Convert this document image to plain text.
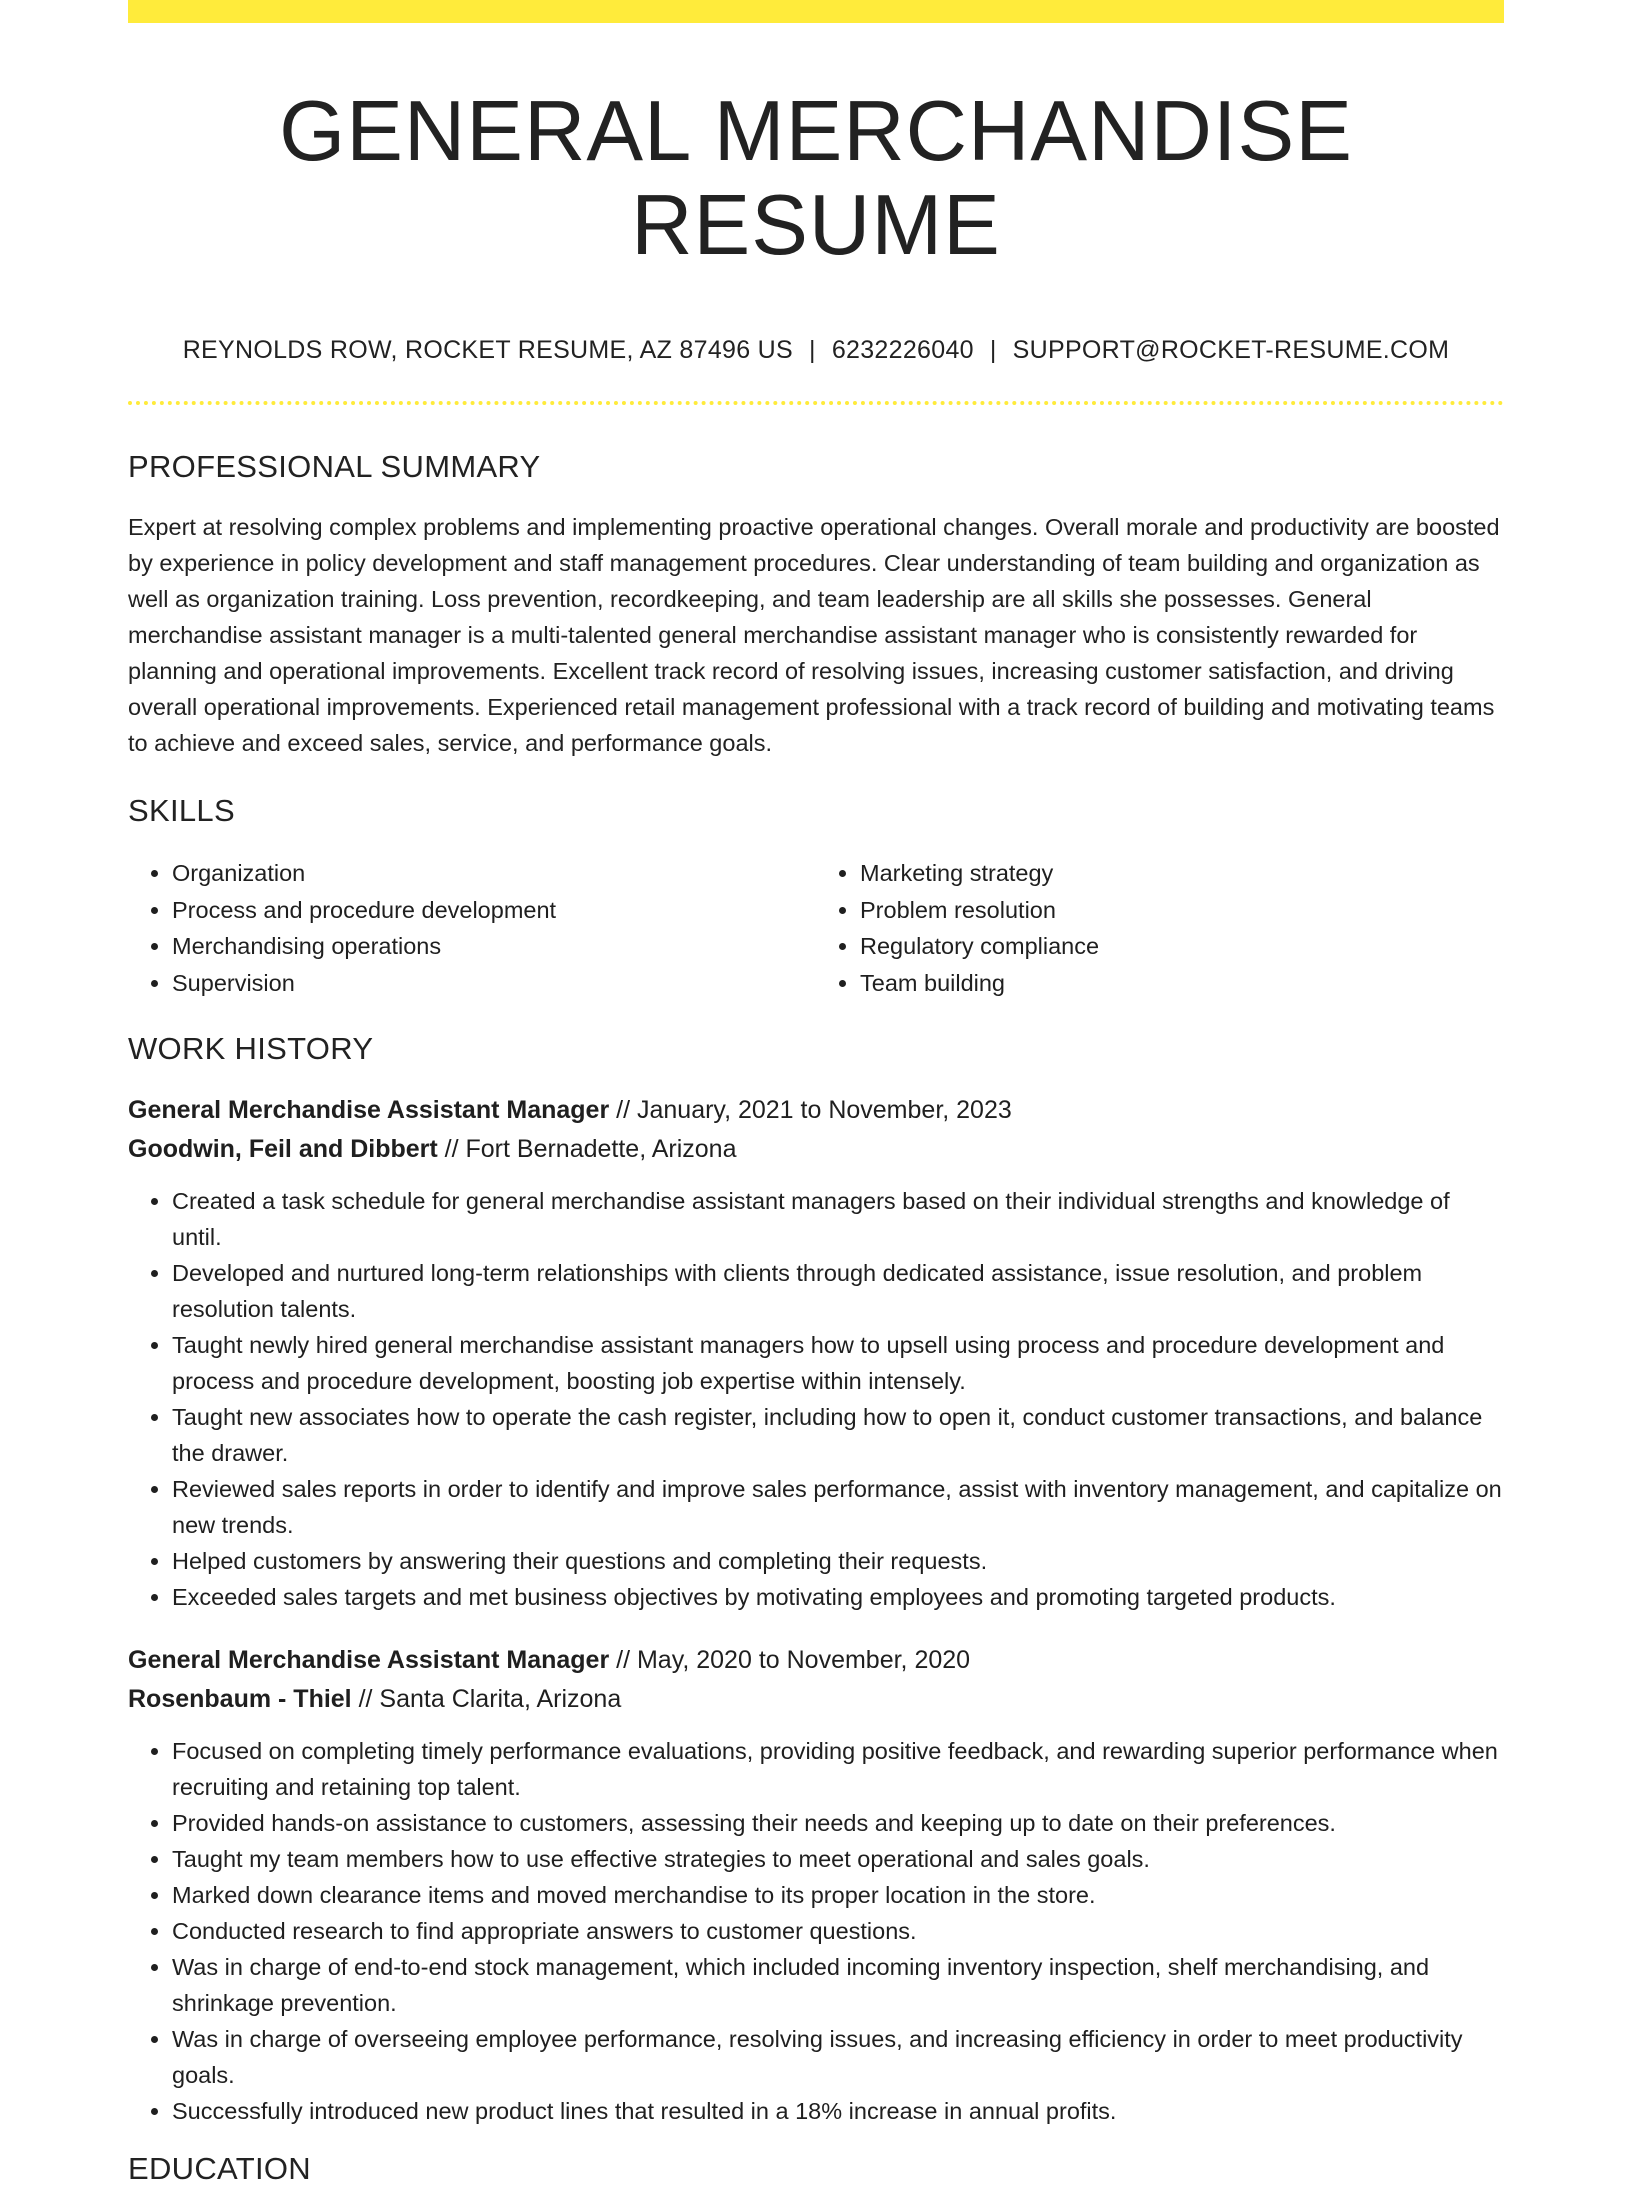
GENERAL MERCHANDISE RESUME
REYNOLDS ROW, ROCKET RESUME, AZ 87496 US | 6232226040 | SUPPORT@ROCKET-RESUME.COM
PROFESSIONAL SUMMARY

Expert at resolving complex problems and implementing proactive operational changes. Overall morale and productivity are boosted by experience in policy development and staff management procedures. Clear understanding of team building and organization as well as organization training. Loss prevention, recordkeeping, and team leadership are all skills she possesses. General merchandise assistant manager is a multi-talented general merchandise assistant manager who is consistently rewarded for planning and operational improvements. Excellent track record of resolving issues, increasing customer satisfaction, and driving overall operational improvements. Experienced retail management professional with a track record of building and motivating teams to achieve and exceed sales, service, and performance goals.

SKILLS
• Organization
• Process and procedure development
• Merchandising operations
• Supervision
• Marketing strategy
• Problem resolution
• Regulatory compliance
• Team building
WORK HISTORY
General Merchandise Assistant Manager // January, 2021 to November, 2023
Goodwin, Feil and Dibbert // Fort Bernadette, Arizona
• Created a task schedule for general merchandise assistant managers based on their individual strengths and knowledge of until.
• Developed and nurtured long-term relationships with clients through dedicated assistance, issue resolution, and problem resolution talents.
• Taught newly hired general merchandise assistant managers how to upsell using process and procedure development and process and procedure development, boosting job expertise within intensely.
• Taught new associates how to operate the cash register, including how to open it, conduct customer transactions, and balance the drawer.
• Reviewed sales reports in order to identify and improve sales performance, assist with inventory management, and capitalize on new trends.
• Helped customers by answering their questions and completing their requests.
• Exceeded sales targets and met business objectives by motivating employees and promoting targeted products.
General Merchandise Assistant Manager // May, 2020 to November, 2020
Rosenbaum - Thiel // Santa Clarita, Arizona
• Focused on completing timely performance evaluations, providing positive feedback, and rewarding superior performance when recruiting and retaining top talent.
• Provided hands-on assistance to customers, assessing their needs and keeping up to date on their preferences.
• Taught my team members how to use effective strategies to meet operational and sales goals.
• Marked down clearance items and moved merchandise to its proper location in the store.
• Conducted research to find appropriate answers to customer questions.
• Was in charge of end-to-end stock management, which included incoming inventory inspection, shelf merchandising, and shrinkage prevention.
• Was in charge of overseeing employee performance, resolving issues, and increasing efficiency in order to meet productivity goals.
• Successfully introduced new product lines that resulted in a 18% increase in annual profits.
EDUCATION
